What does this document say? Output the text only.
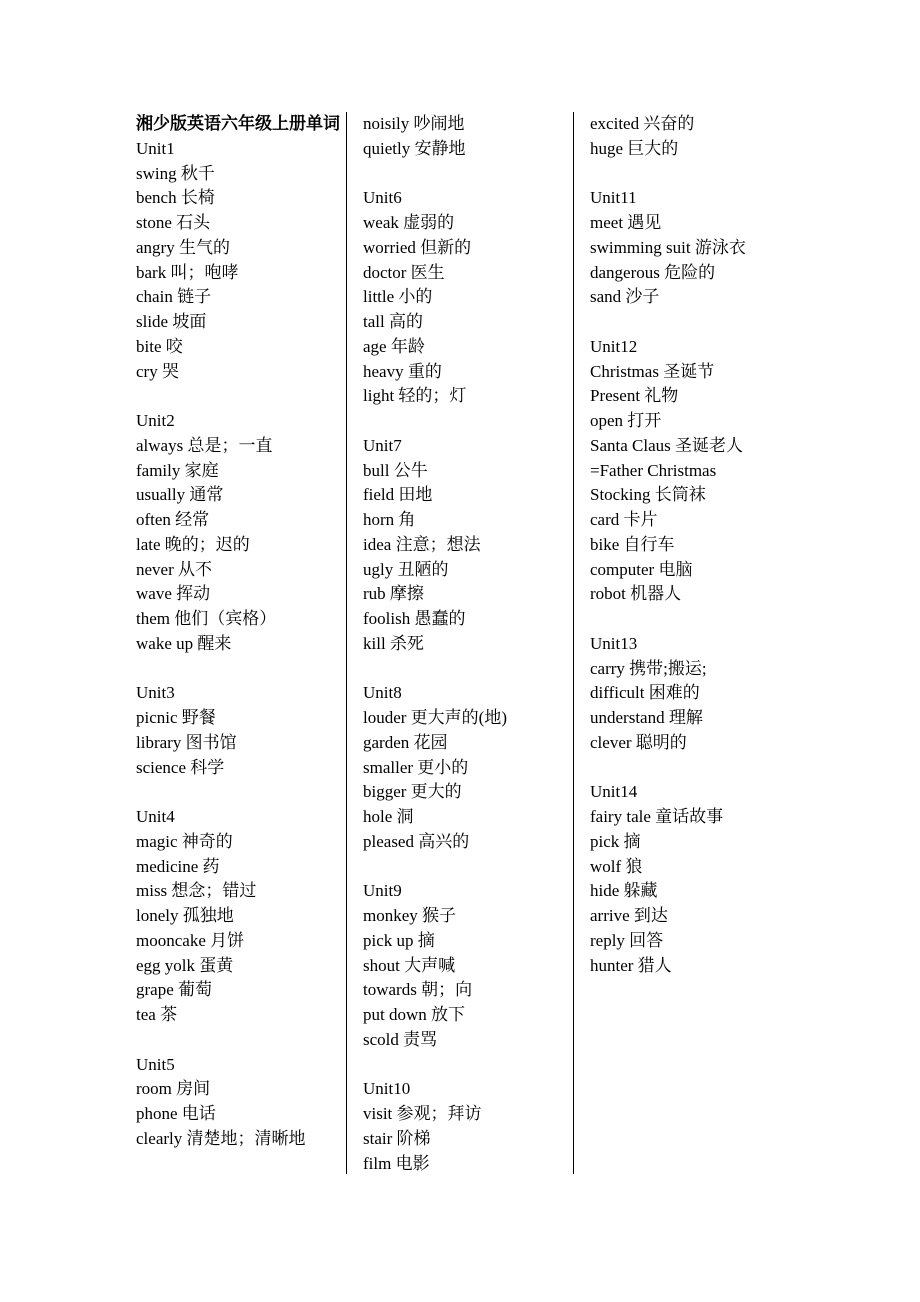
湘少版英语六年级上册单词
Unit1
swing 秋千
bench 长椅
stone 石头
angry 生气的
bark 叫；咆哮
chain 链子
slide 坡面
bite 咬
cry 哭
Unit2
always 总是；一直
family 家庭
usually 通常
often 经常
late 晚的；迟的
never 从不
wave 挥动
them 他们（宾格）
wake up 醒来
Unit3
picnic 野餐
library 图书馆
science 科学
Unit4
magic 神奇的
medicine 药
miss 想念；错过
lonely 孤独地
mooncake 月饼
egg yolk 蛋黄
grape 葡萄
tea 茶
Unit5
room 房间
phone 电话
clearly 清楚地；清晰地
noisily 吵闹地
quietly 安静地
Unit6
weak 虚弱的
worried 但新的
doctor 医生
little 小的
tall 高的
age 年龄
heavy 重的
light 轻的；灯
Unit7
bull 公牛
field 田地
horn 角
idea 注意；想法
ugly 丑陋的
rub 摩擦
foolish 愚蠢的
kill 杀死
Unit8
louder 更大声的(地)
garden 花园
smaller 更小的
bigger 更大的
hole 洞
pleased 高兴的
Unit9
monkey 猴子
pick up 摘
shout 大声喊
towards 朝；向
put down 放下
scold 责骂
Unit10
visit 参观；拜访
stair 阶梯
film 电影
excited 兴奋的
huge 巨大的
Unit11
meet 遇见
swimming suit 游泳衣
dangerous 危险的
sand 沙子
Unit12
Christmas 圣诞节
Present 礼物
open 打开
Santa Claus 圣诞老人
=Father Christmas
Stocking 长筒袜
card 卡片
bike 自行车
computer 电脑
robot 机器人
Unit13
carry 携带;搬运;
difficult 困难的
understand 理解
clever 聪明的
Unit14
fairy tale 童话故事
pick 摘
wolf 狼
hide 躲藏
arrive 到达
reply 回答
hunter 猎人
